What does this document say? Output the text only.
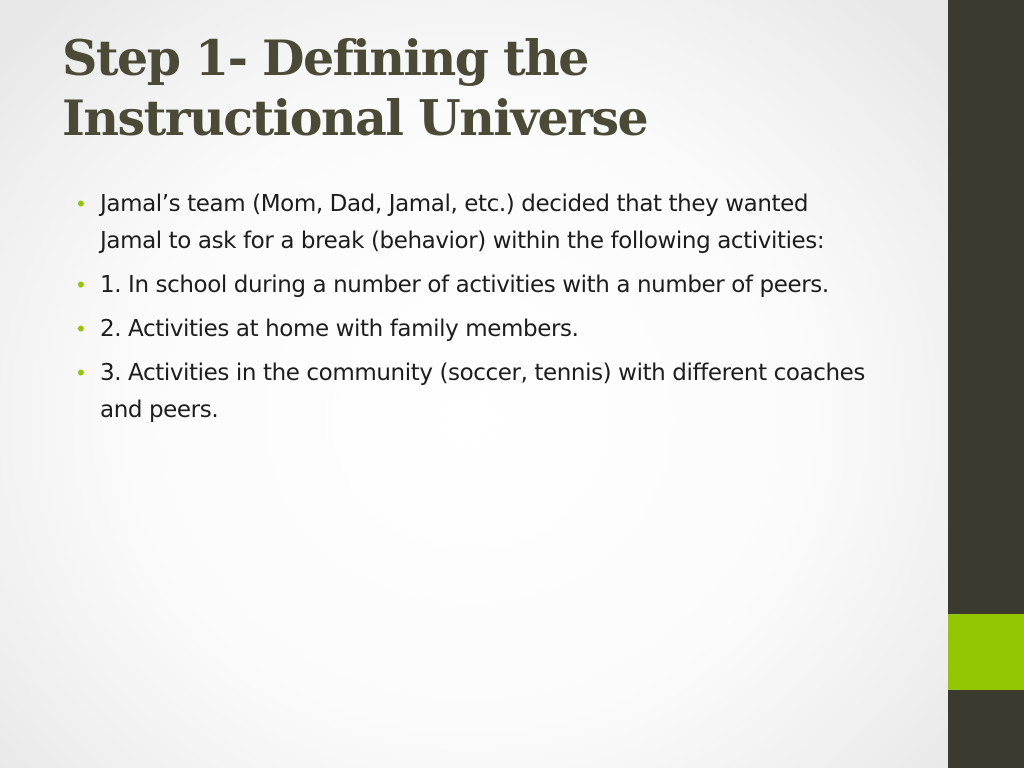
Step 1- Defining the
Instructional Universe
• Jamal’s team (Mom, Dad, Jamal, etc.) decided that they wanted Jamal to ask for a break (behavior) within the following activities:
• 1. In school during a number of activities with a number of peers.
• 2. Activities at home with family members.
• 3. Activities in the community (soccer, tennis) with different coaches and peers.
